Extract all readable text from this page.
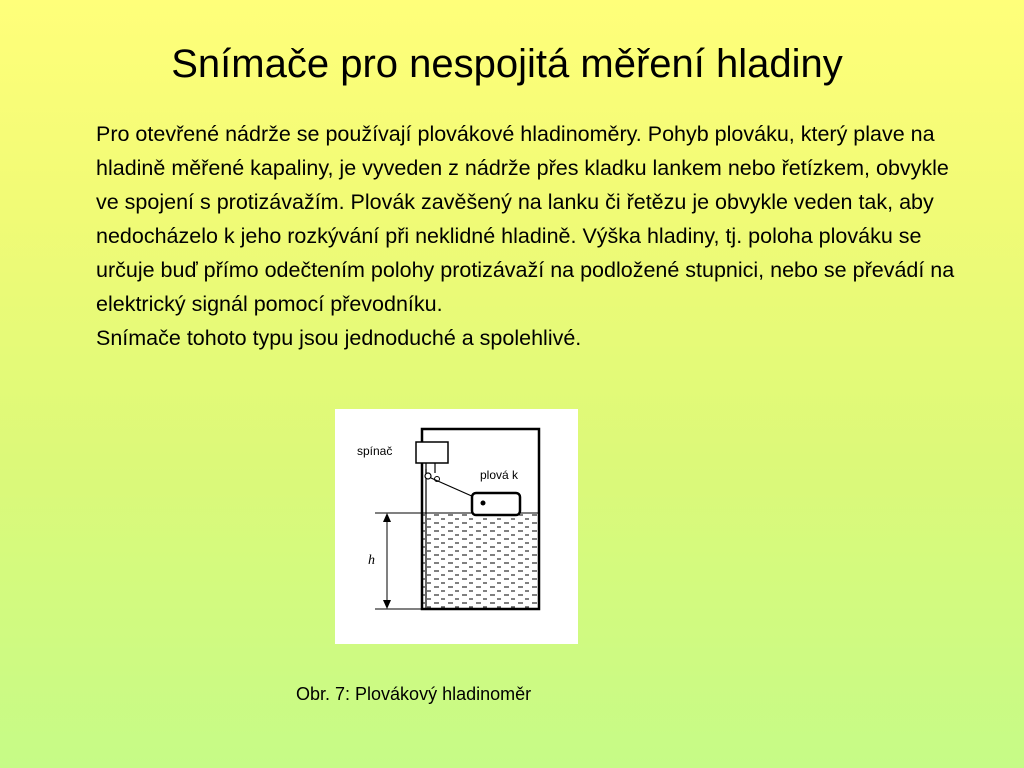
Snímače pro nespojitá měření hladiny

Pro otevřené nádrže se používají plovákové hladinoměry. Pohyb plováku, který plave na hladině měřené kapaliny, je vyveden z nádrže přes kladku lankem nebo řetízkem, obvykle ve spojení s protizávažím. Plovák zavěšený na lanku či řetězu je obvykle veden tak, aby nedocházelo k jeho rozkývání při neklidné hladině. Výška hladiny, tj. poloha plováku se určuje buď přímo odečtením polohy protizávaží na podložené stupnici, nebo se převádí na elektrický signál pomocí převodníku.

Snímače tohoto typu jsou jednoduché a spolehlivé.

spínač
plová k
h
Obr. 7: Plovákový hladinoměr
